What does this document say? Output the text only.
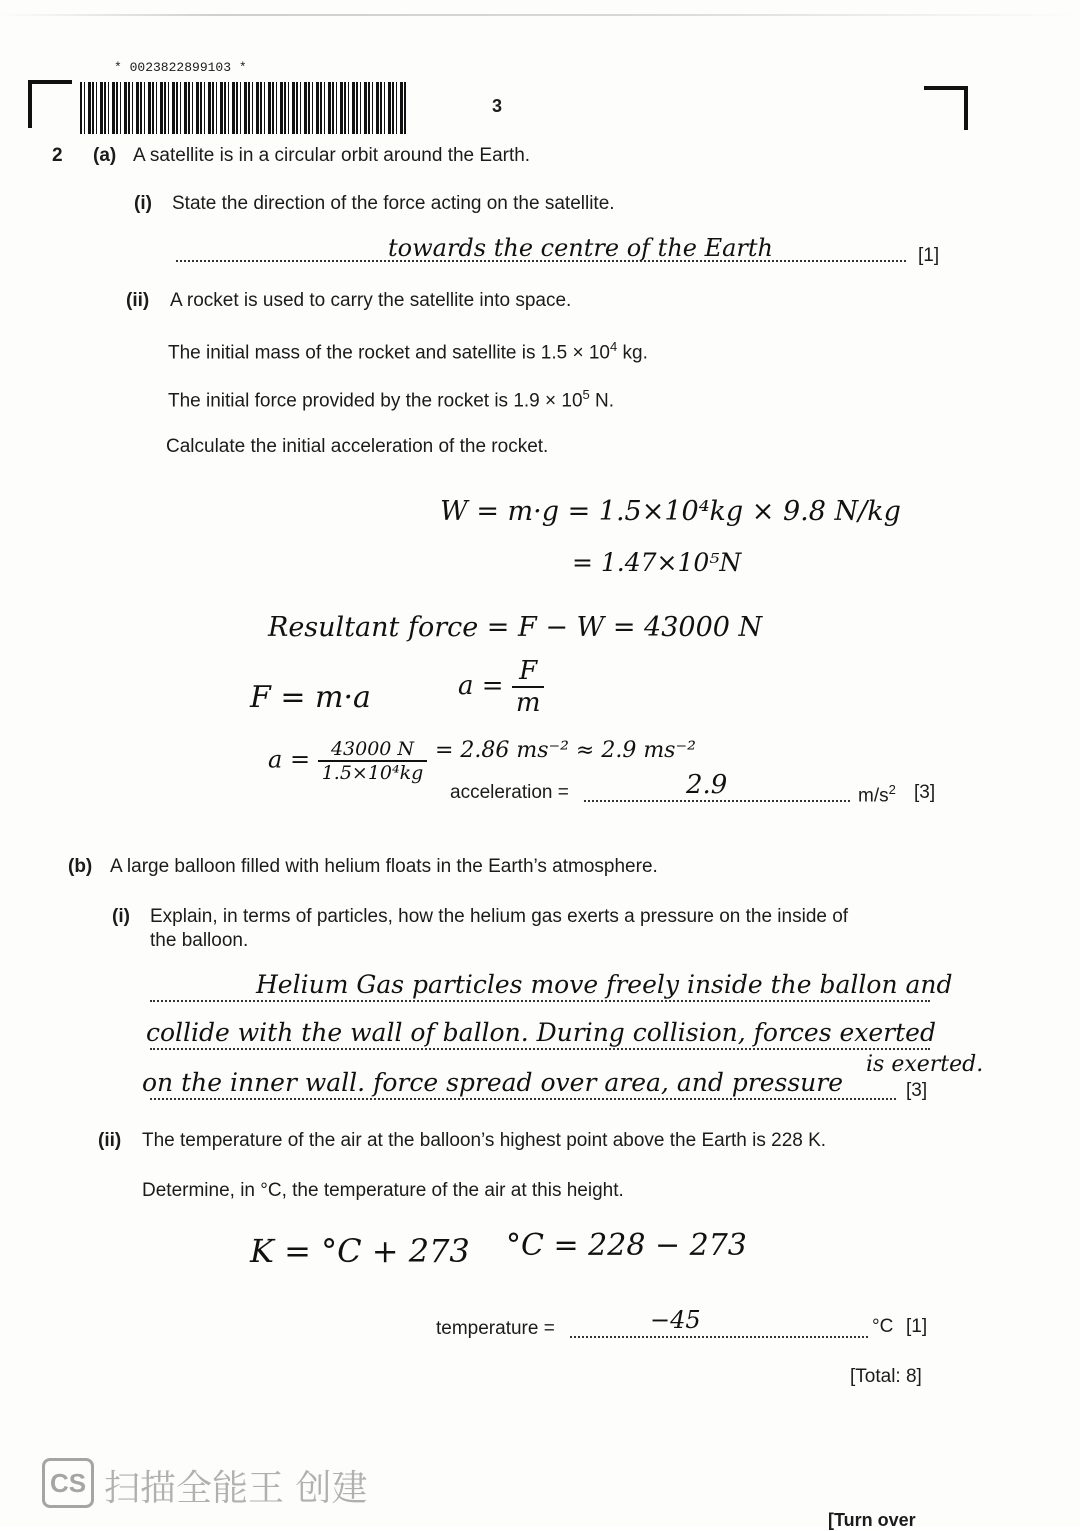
* 0023822899103 *
3
2 (a) A satellite is in a circular orbit around the Earth.
(i) State the direction of the force acting on the satellite.
towards the centre of the Earth	[1]
(ii) A rocket is used to carry the satellite into space.
The initial mass of the rocket and satellite is $1.5 \times 10^4$ kg.
The initial force provided by the rocket is $1.9 \times 10^5$ N.
Calculate the initial acceleration of the rocket.
W = m·g = 1.5×10⁴kg × 9.8 N/kg
= 1.47×10⁵N
Resultant force = F − W = 43000 N
F = m·a	$a = \frac{F}{m}$
$a = \frac{43000 N}{\text{1.5×10⁴kg}} = 2.86$ ms⁻² ≈ 2.9 ms⁻²
acceleration =	2.9	$m/s^2$ [3]
(b) A large balloon filled with helium floats in the Earth’s atmosphere.
(i) Explain, in terms of particles, how the helium gas exerts a pressure on the inside of
the balloon.
Helium Gas particles move freely inside the ballon and
collide with the wall of ballon. During collision, forces exerted
on the inner wall. force spread over area, and pressure
is exerted.
[3]
(ii) The temperature of the air at the balloon’s highest point above the Earth is 228 K.
Determine, in °C, the temperature of the air at this height.
K = °C + 273 °C = 228 − 273
temperature =	−45	°C [1]
[Total: 8]
CS 扫描全能王 创建
[Turn over
